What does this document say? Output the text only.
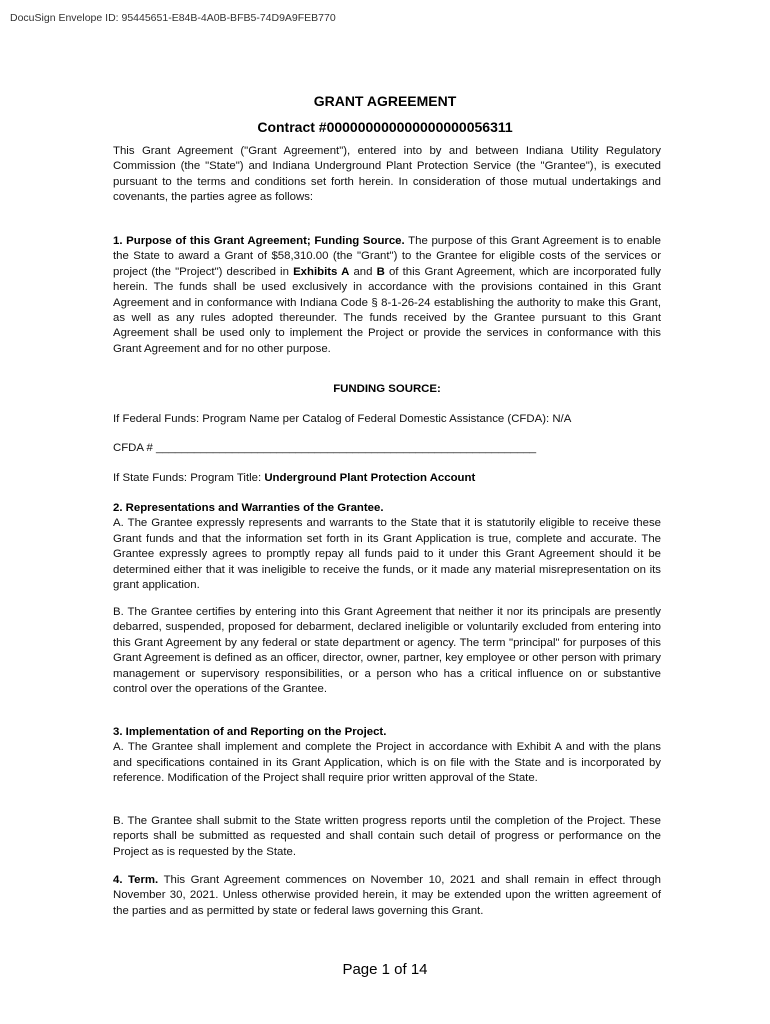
DocuSign Envelope ID: 95445651-E84B-4A0B-BFB5-74D9A9FEB770
GRANT AGREEMENT
Contract #000000000000000000056311

This Grant Agreement ("Grant Agreement"), entered into by and between Indiana Utility Regulatory Commission (the "State") and Indiana Underground Plant Protection Service (the "Grantee"), is executed pursuant to the terms and conditions set forth herein. In consideration of those mutual undertakings and covenants, the parties agree as follows:

1. Purpose of this Grant Agreement; Funding Source. The purpose of this Grant Agreement is to enable the State to award a Grant of $58,310.00 (the "Grant") to the Grantee for eligible costs of the services or project (the "Project") described in Exhibits A and B of this Grant Agreement, which are incorporated fully herein. The funds shall be used exclusively in accordance with the provisions contained in this Grant Agreement and in conformance with Indiana Code § 8-1-26-24 establishing the authority to make this Grant, as well as any rules adopted thereunder. The funds received by the Grantee pursuant to this Grant Agreement shall be used only to implement the Project or provide the services in conformance with this Grant Agreement and for no other purpose.

FUNDING SOURCE:
If Federal Funds: Program Name per Catalog of Federal Domestic Assistance (CFDA): N/A
CFDA # ____________________________________________________________
If State Funds: Program Title: Underground Plant Protection Account

2. Representations and Warranties of the Grantee.

A. The Grantee expressly represents and warrants to the State that it is statutorily eligible to receive these Grant funds and that the information set forth in its Grant Application is true, complete and accurate. The Grantee expressly agrees to promptly repay all funds paid to it under this Grant Agreement should it be determined either that it was ineligible to receive the funds, or it made any material misrepresentation on its grant application.

B. The Grantee certifies by entering into this Grant Agreement that neither it nor its principals are presently debarred, suspended, proposed for debarment, declared ineligible or voluntarily excluded from entering into this Grant Agreement by any federal or state department or agency. The term "principal" for purposes of this Grant Agreement is defined as an officer, director, owner, partner, key employee or other person with primary management or supervisory responsibilities, or a person who has a critical influence on or substantive control over the operations of the Grantee.

3. Implementation of and Reporting on the Project.

A. The Grantee shall implement and complete the Project in accordance with Exhibit A and with the plans and specifications contained in its Grant Application, which is on file with the State and is incorporated by reference. Modification of the Project shall require prior written approval of the State.

B. The Grantee shall submit to the State written progress reports until the completion of the Project. These reports shall be submitted as requested and shall contain such detail of progress or performance on the Project as is requested by the State.

4. Term. This Grant Agreement commences on November 10, 2021 and shall remain in effect through November 30, 2021. Unless otherwise provided herein, it may be extended upon the written agreement of the parties and as permitted by state or federal laws governing this Grant.

Page 1 of 14
